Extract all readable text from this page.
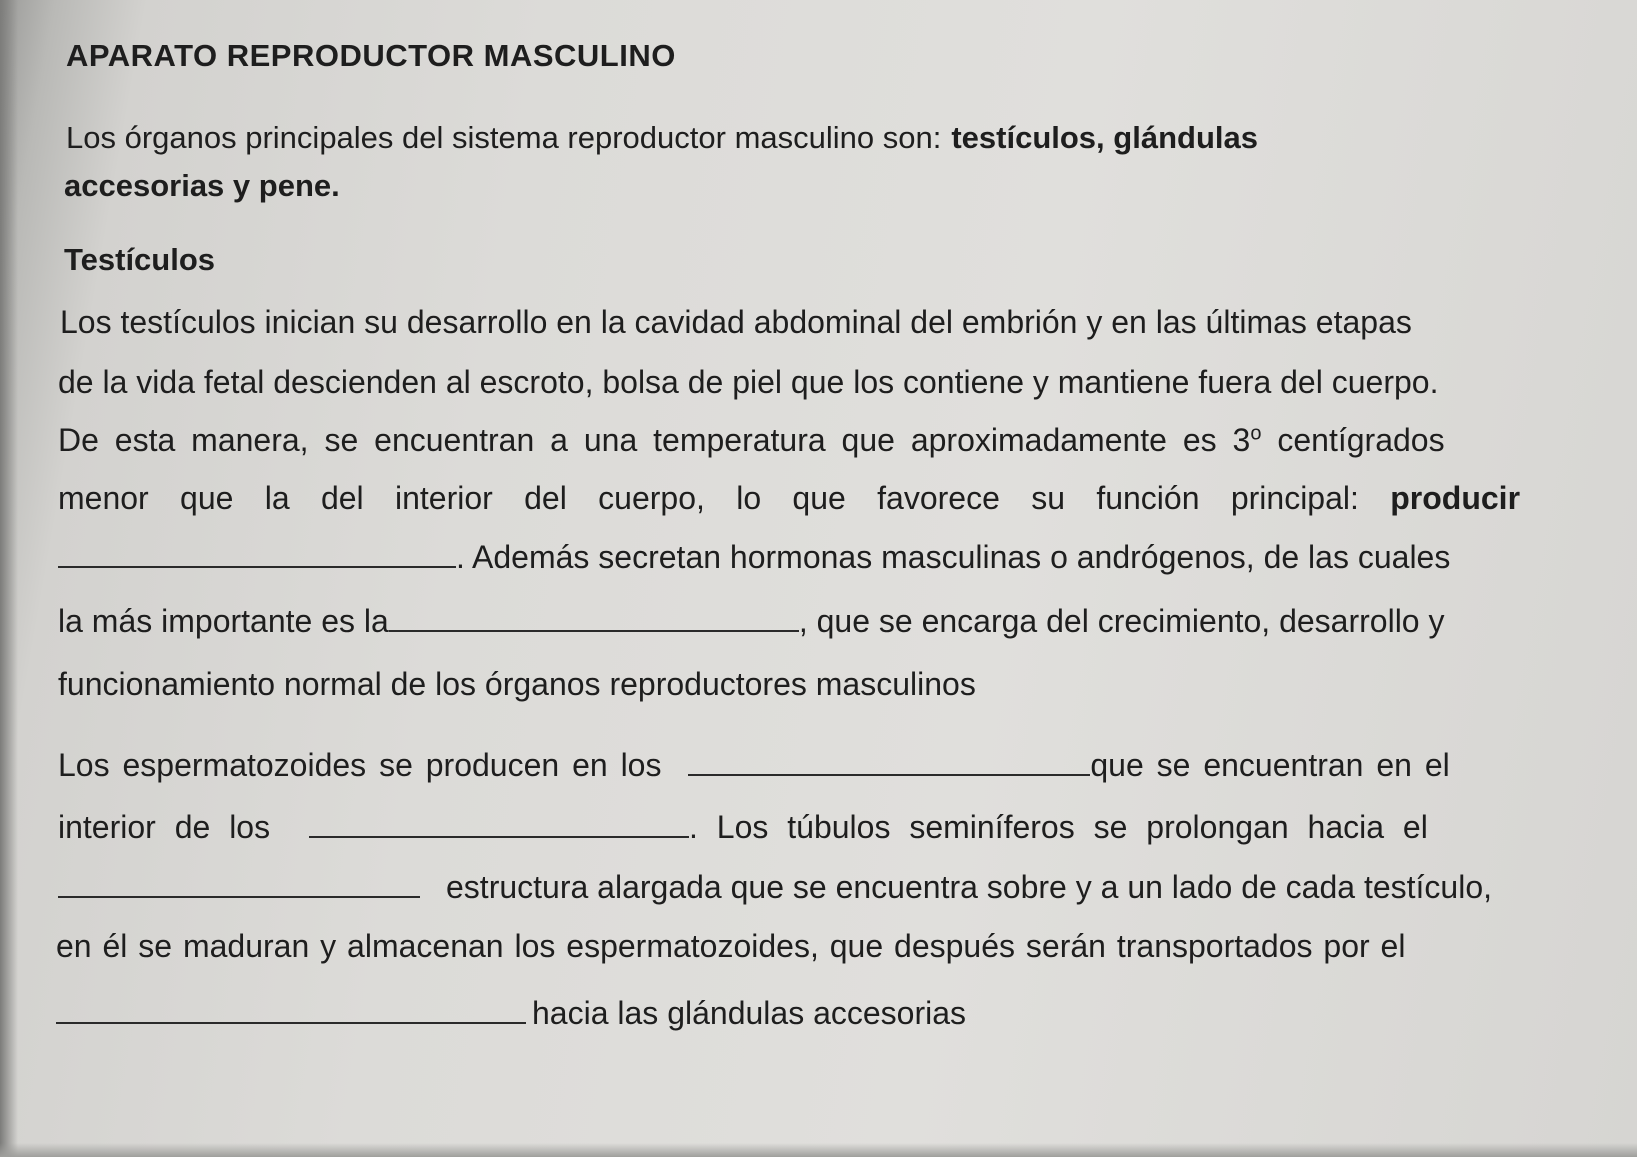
APARATO REPRODUCTOR MASCULINO

Los órganos principales del sistema reproductor masculino son: testículos, glándulas

accesorias y pene.

Testículos

Los testículos inician su desarrollo en la cavidad abdominal del embrión y en las últimas etapas

de la vida fetal descienden al escroto, bolsa de piel que los contiene y mantiene fuera del cuerpo.

De esta manera, se encuentran a una temperatura que aproximadamente es 3$^o$ centígrados

menor que la del interior del cuerpo, lo que favorece su función principal: producir

. Además secretan hormonas masculinas o andrógenos, de las cuales

la más importante es la	, que se encarga del crecimiento, desarrollo y

funcionamiento normal de los órganos reproductores masculinos

Los espermatozoides se producen en los	que se encuentran en el

interior de los	. Los túbulos seminíferos se prolongan hacia el

estructura alargada que se encuentra sobre y a un lado de cada testículo,

en él se maduran y almacenan los espermatozoides, que después serán transportados por el

hacia las glándulas accesorias
